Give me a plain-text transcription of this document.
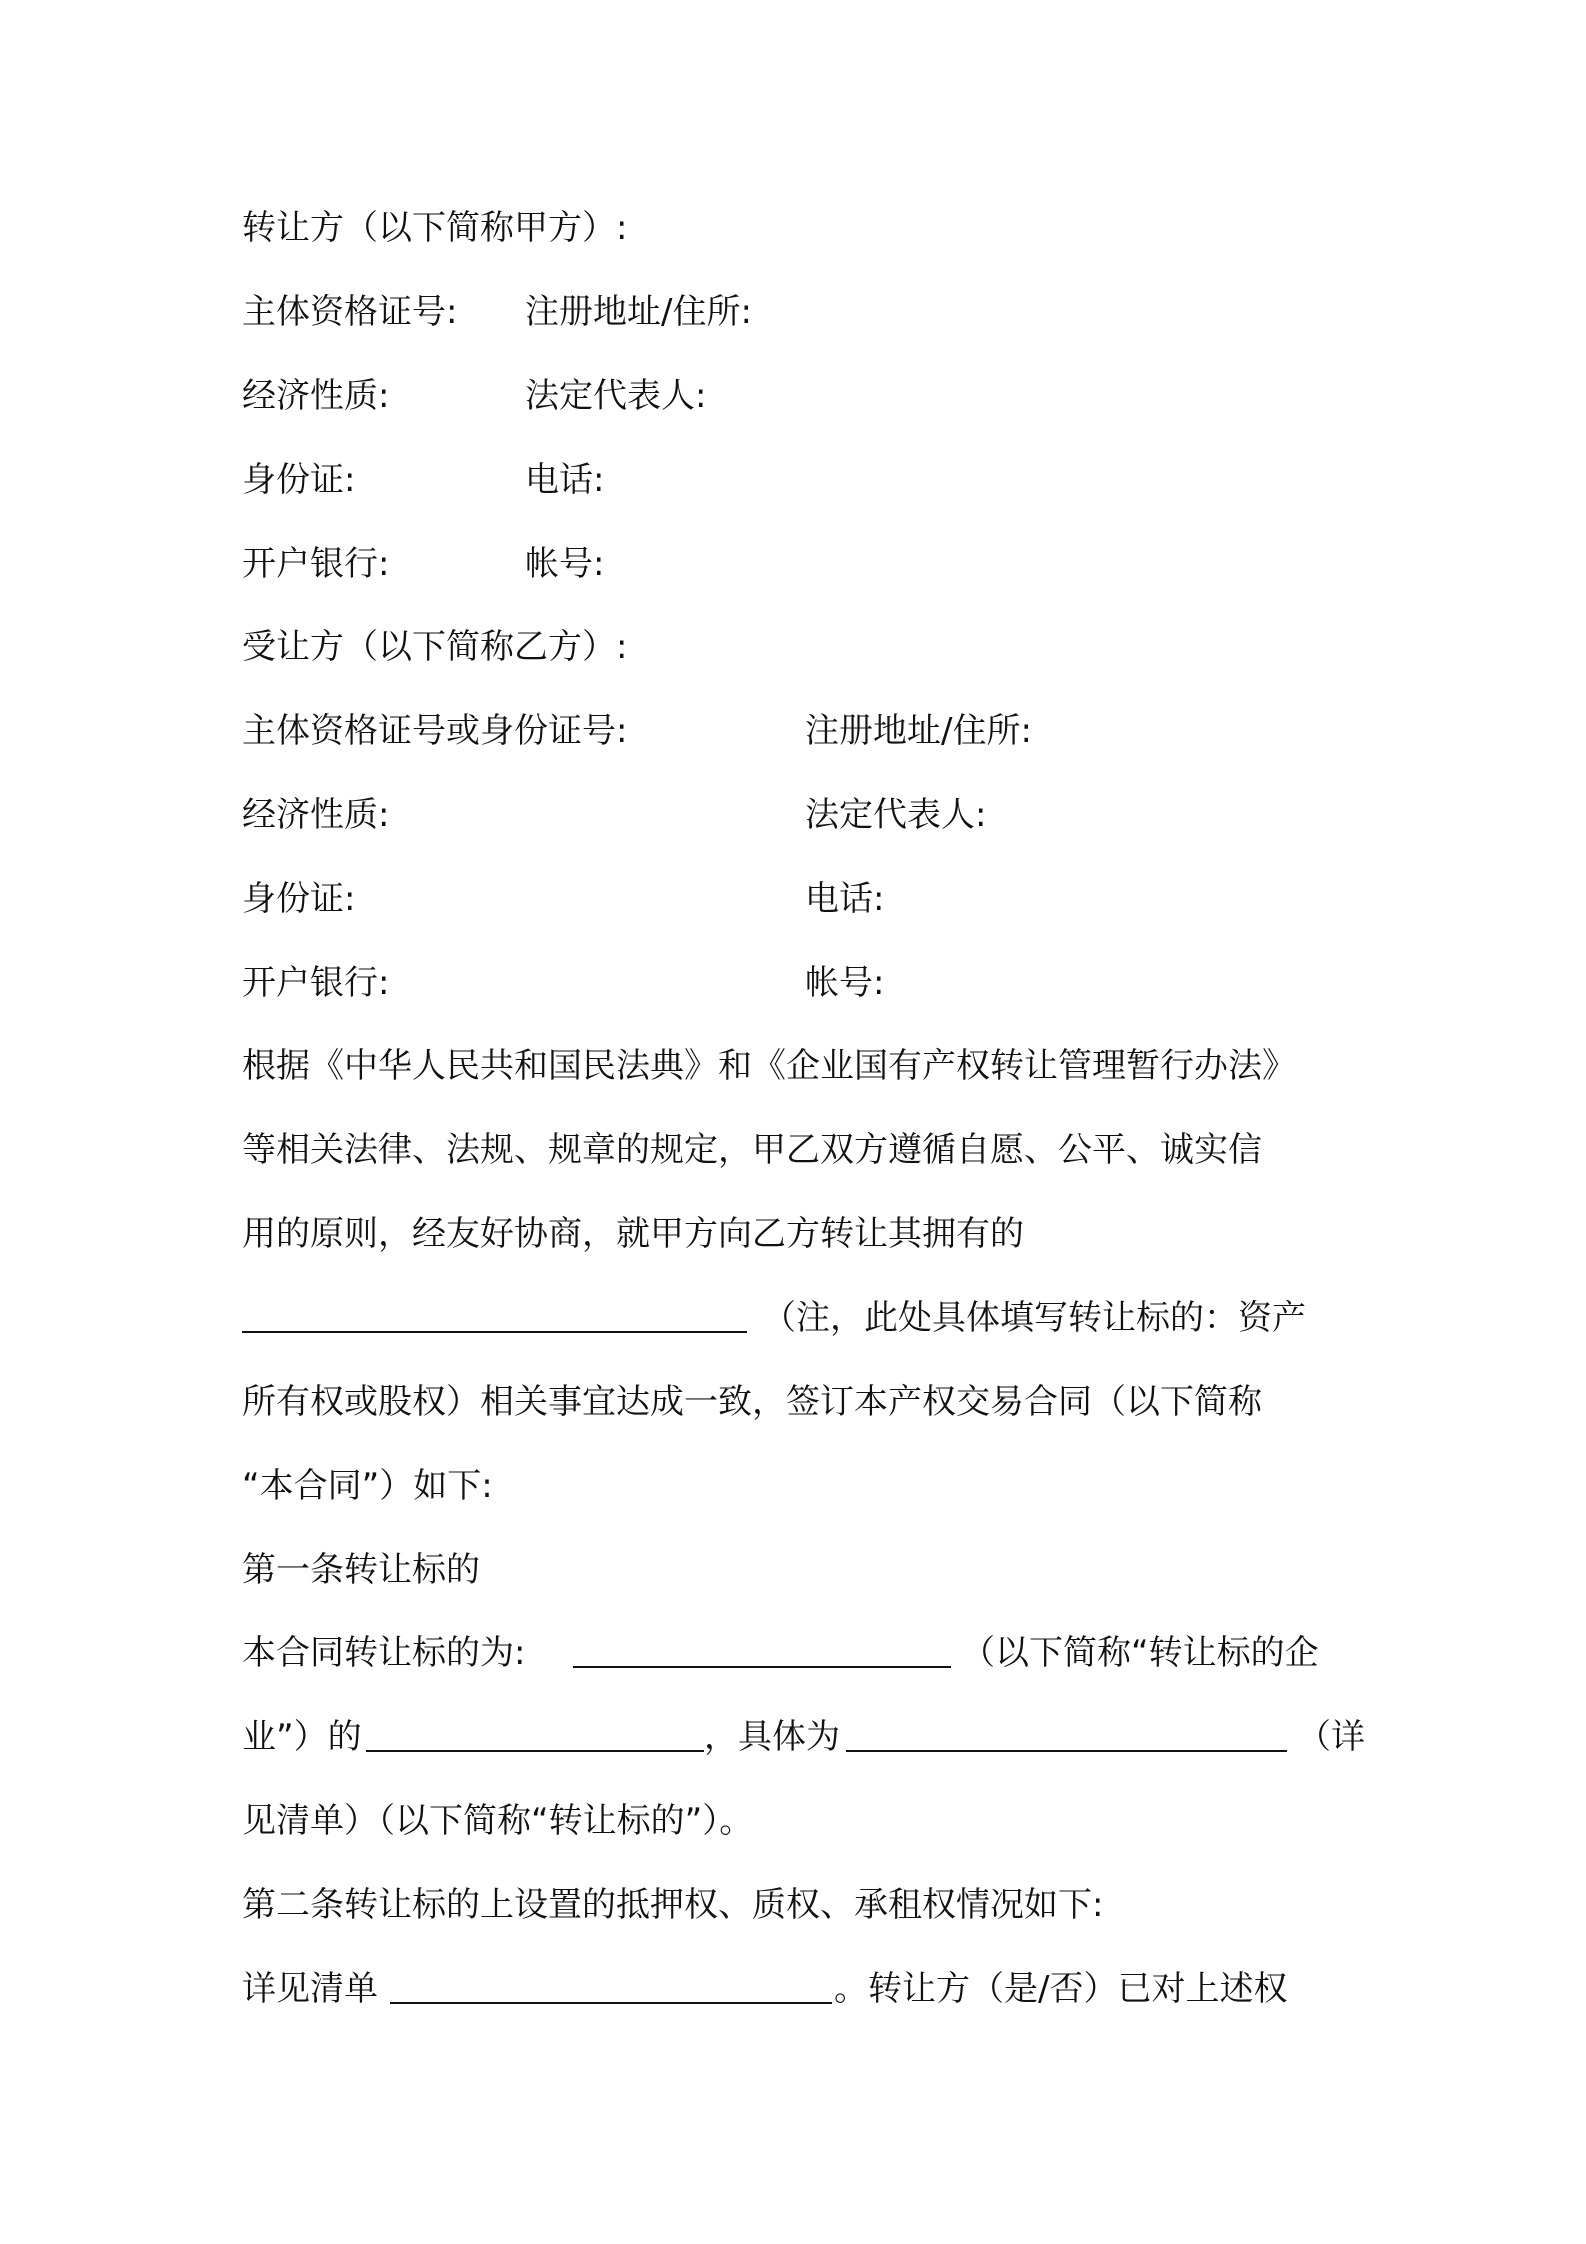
转让方（以下简称甲方）:
主体资格证号: 注册地址/住所:
经济性质:	法定代表人:
身份证:	电话:
开户银行:	帐号:
受让方（以下简称乙方）:
主体资格证号或身份证号:	注册地址/住所:
经济性质:	法定代表人:
身份证:	电话:
开户银行:	帐号:
根据《中华人民共和国民法典》和《企业国有产权转让管理暂行办法》
等相关法律、法规、规章的规定，甲乙双方遵循自愿、公平、诚实信
用的原则，经友好协商，就甲方向乙方转让其拥有的
（注，此处具体填写转让标的：资产
所有权或股权）相关事宜达成一致，签订本产权交易合同（以下简称
“本合同”）如下:
第一条转让标的
本合同转让标的为:	（以下简称“转让标的企
业”）的	，具体为	（详
见清单）（以下简称“转让标的”）。
第二条转让标的上设置的抵押权、质权、承租权情况如下:
详见清单	。转让方（是/否）已对上述权
